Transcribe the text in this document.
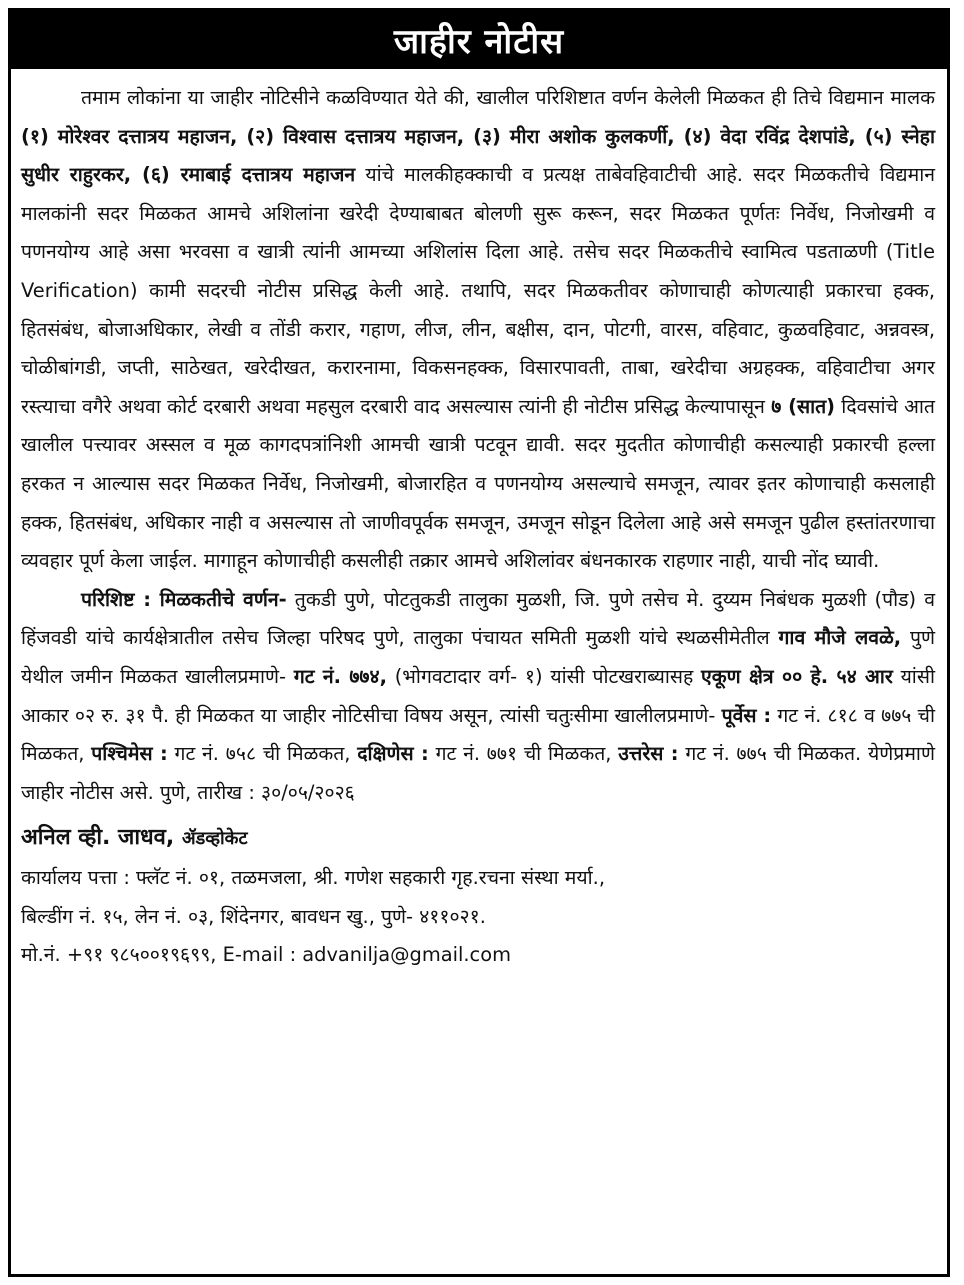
जाहीर नोटीस

तमाम लोकांना या जाहीर नोटिसीने कळविण्यात येते की, खालील परिशिष्टात वर्णन केलेली मिळकत ही तिचे विद्यमान मालक (१) मोरेश्वर दत्तात्रय महाजन, (२) विश्वास दत्तात्रय महाजन, (३) मीरा अशोक कुलकर्णी, (४) वेदा रविंद्र देशपांडे, (५) स्नेहा सुधीर राहुरकर, (६) रमाबाई दत्तात्रय महाजन यांचे मालकीहक्काची व प्रत्यक्ष ताबेवहिवाटीची आहे. सदर मिळकतीचे विद्यमान मालकांनी सदर मिळकत आमचे अशिलांना खरेदी देण्याबाबत बोलणी सुरू करून, सदर मिळकत पूर्णतः निर्वेध, निजोखमी व पणनयोग्य आहे असा भरवसा व खात्री त्यांनी आमच्या अशिलांस दिला आहे. तसेच सदर मिळकतीचे स्वामित्व पडताळणी (Title Verification) कामी सदरची नोटीस प्रसिद्ध केली आहे. तथापि, सदर मिळकतीवर कोणाचाही कोणत्याही प्रकारचा हक्क, हितसंबंध, बोजाअधिकार, लेखी व तोंडी करार, गहाण, लीज, लीन, बक्षीस, दान, पोटगी, वारस, वहिवाट, कुळवहिवाट, अन्नवस्त्र, चोळीबांगडी, जप्ती, साठेखत, खरेदीखत, करारनामा, विकसनहक्क, विसारपावती, ताबा, खरेदीचा अग्रहक्क, वहिवाटीचा अगर रस्त्याचा वगैरे अथवा कोर्ट दरबारी अथवा महसुल दरबारी वाद असल्यास त्यांनी ही नोटीस प्रसिद्ध केल्यापासून ७ (सात) दिवसांचे आत खालील पत्त्यावर अस्सल व मूळ कागदपत्रांनिशी आमची खात्री पटवून द्यावी. सदर मुदतीत कोणाचीही कसल्याही प्रकारची हल्ला हरकत न आल्यास सदर मिळकत निर्वेध, निजोखमी, बोजारहित व पणनयोग्य असल्याचे समजून, त्यावर इतर कोणाचाही कसलाही हक्क, हितसंबंध, अधिकार नाही व असल्यास तो जाणीवपूर्वक समजून, उमजून सोडून दिलेला आहे असे समजून पुढील हस्तांतरणाचा व्यवहार पूर्ण केला जाईल. मागाहून कोणाचीही कसलीही तक्रार आमचे अशिलांवर बंधनकारक राहणार नाही, याची नोंद घ्यावी.

परिशिष्ट : मिळकतीचे वर्णन- तुकडी पुणे, पोटतुकडी तालुका मुळशी, जि. पुणे तसेच मे. दुय्यम निबंधक मुळशी (पौड) व हिंजवडी यांचे कार्यक्षेत्रातील तसेच जिल्हा परिषद पुणे, तालुका पंचायत समिती मुळशी यांचे स्थळसीमेतील गाव मौजे लवळे, पुणे येथील जमीन मिळकत खालीलप्रमाणे- गट नं. ७७४, (भोगवटादार वर्ग- १) यांसी पोटखराब्यासह एकूण क्षेत्र ०० हे. ५४ आर यांसी आकार ०२ रु. ३१ पै. ही मिळकत या जाहीर नोटिसीचा विषय असून, त्यांसी चतुःसीमा खालीलप्रमाणे- पूर्वेस : गट नं. ८१८ व ७७५ ची मिळकत, पश्चिमेस : गट नं. ७५८ ची मिळकत, दक्षिणेस : गट नं. ७७१ ची मिळकत, उत्तरेस : गट नं. ७७५ ची मिळकत. येणेप्रमाणे जाहीर नोटीस असे. पुणे, तारीख : ३०/०५/२०२६

अनिल व्ही. जाधव, ॲडव्होकेट

कार्यालय पत्ता : फ्लॅट नं. ०१, तळमजला, श्री. गणेश सहकारी गृह.रचना संस्था मर्या.,

बिल्डींग नं. १५, लेन नं. ०३, शिंदेनगर, बावधन खु., पुणे- ४११०२१.

मो.नं. +९१ ९८५००१९६९९, E-mail : advanilja@gmail.com
